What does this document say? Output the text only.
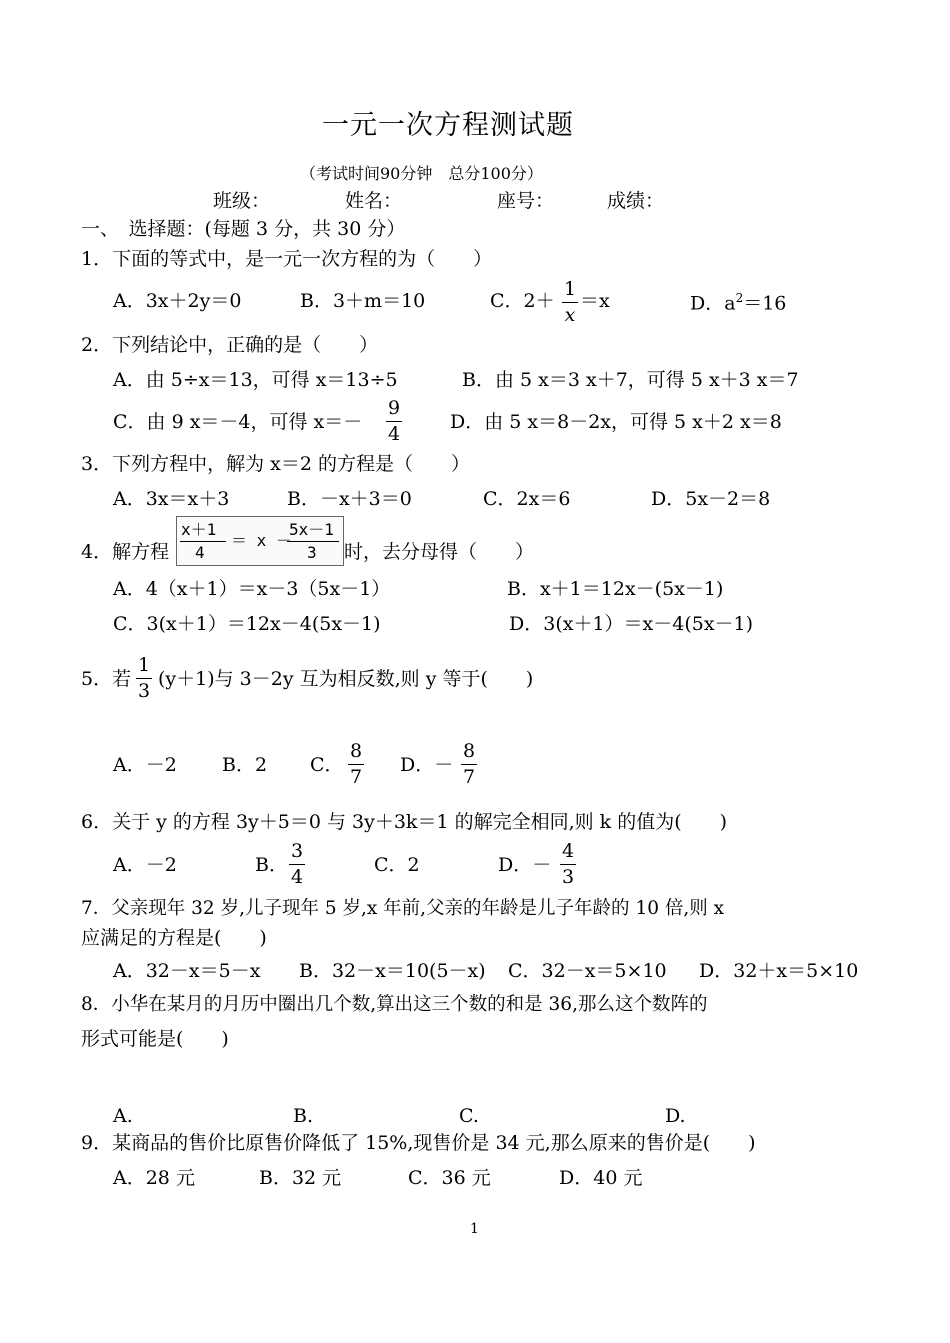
一元一次方程测试题
（考试时间90分钟　总分100分）
班级：	姓名：	座号：	成绩：
一、　选择题：(每题 3 分，共 30 分）
1．下面的等式中，是一元一次方程的为（　　）
A．3x＋2y＝0	B．3＋m＝10	C．2＋
1
x
＝x	D．$a^2=16$
2．下列结论中，正确的是（　　）
A．由 5÷x＝13，可得 x＝13÷5	B．由 5 x＝3 x＋7，可得 5 x＋3 x＝7
C．由 9 x＝－4，可得 x＝－
9
4
D．由 5 x＝8－2x，可得 5 x＋2 x＝8
3．下列方程中，解为 x＝2 的方程是（　　）
A．3x＝x＋3	B．－x＋3＝0	C．2x＝6	D．5x－2＝8
4．解方程
x＋1
4
＝ x －
5x－1
3 时，去分母得（　　）
A．4（x＋1）＝x－3（5x－1）	B．x＋1＝12x－(5x－1)
C．3(x＋1）＝12x－4(5x－1)	D．3(x＋1）＝x－4(5x－1)
5．若
1
3
(y＋1)与 3－2y 互为相反数,则 y 等于(　　)
A．－2 B．2 C．
8
7
D．－
8
7
6．关于 y 的方程 3y＋5＝0 与 3y＋3k＝1 的解完全相同,则 k 的值为(　　)
A．－2	B．
3
4
C．2	D．－
4
3
7．父亲现年 32 岁,儿子现年 5 岁,x 年前,父亲的年龄是儿子年龄的 10 倍,则 x
应满足的方程是(　　)
A．32－x＝5－x B．32－x＝10(5－x) C．32－x＝5×10 D．32＋x＝5×10
8．小华在某月的月历中圈出几个数,算出这三个数的和是 36,那么这个数阵的
形式可能是(　　)
A.	B.	C.	D.
9．某商品的售价比原售价降低了 15%,现售价是 34 元,那么原来的售价是(　　)
A．28 元	B．32 元	C．36 元	D．40 元
1
